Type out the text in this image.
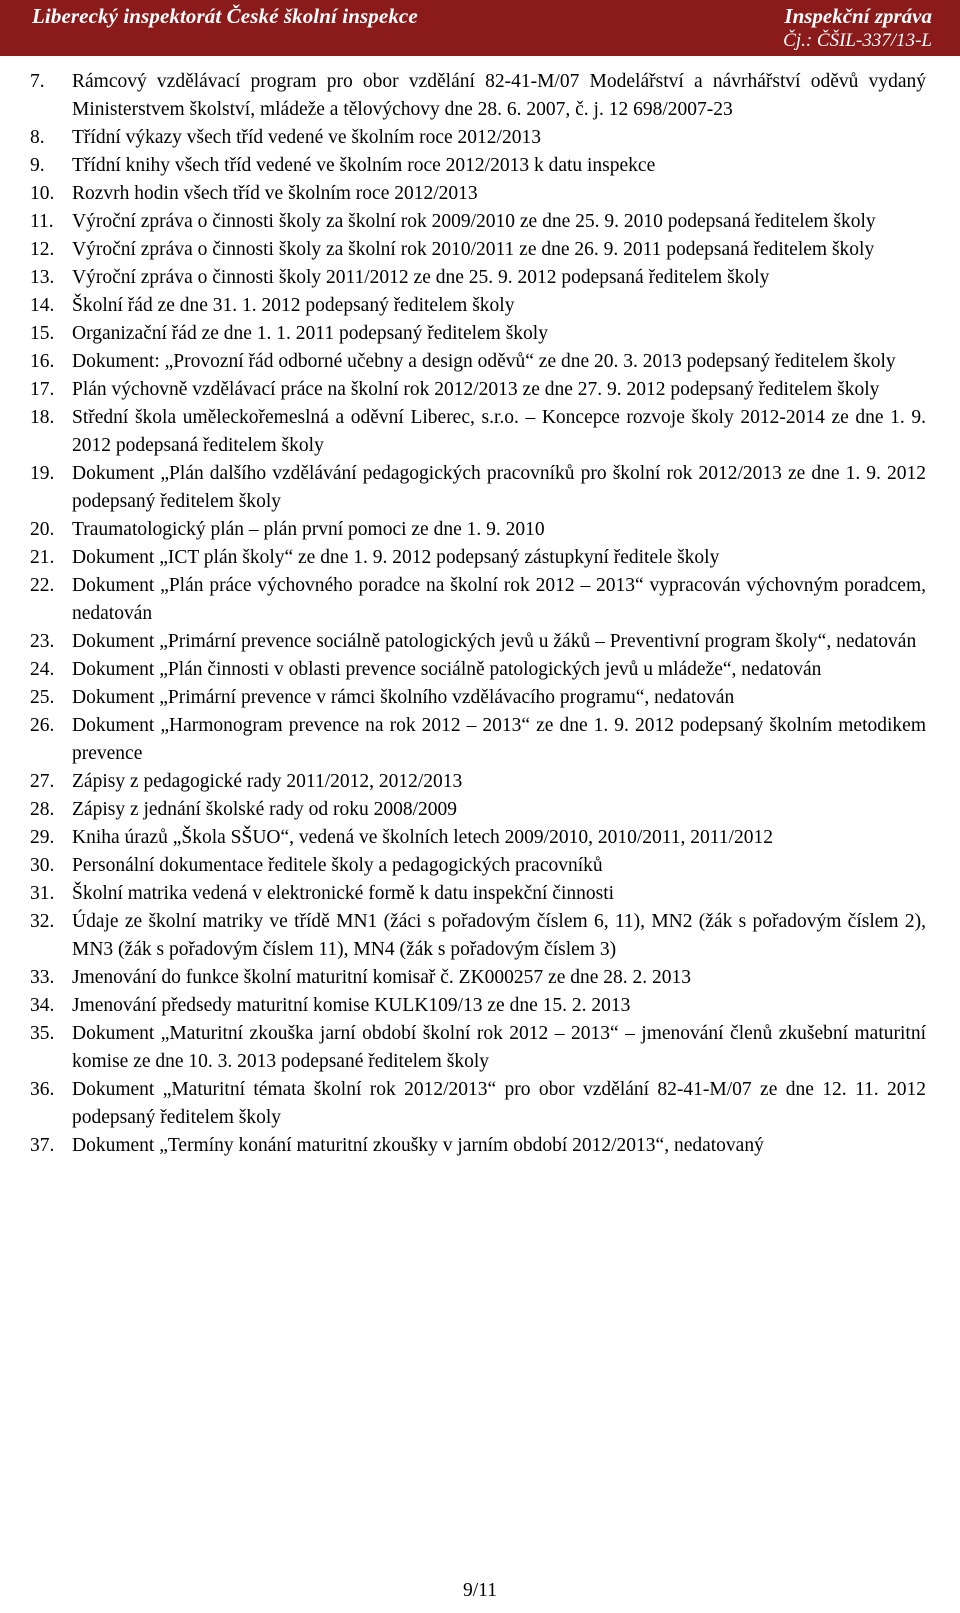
Liberecký inspektorát České školní inspekce	Inspekční zpráva
Čj.: ČŠIL-337/13-L
7. Rámcový vzdělávací program pro obor vzdělání 82-41-M/07 Modelářství a návrhářství oděvů vydaný Ministerstvem školství, mládeže a tělovýchovy dne 28. 6. 2007, č. j. 12 698/2007-23
8. Třídní výkazy všech tříd vedené ve školním roce 2012/2013
9. Třídní knihy všech tříd vedené ve školním roce 2012/2013 k datu inspekce
10. Rozvrh hodin všech tříd ve školním roce 2012/2013
11. Výroční zpráva o činnosti školy za školní rok 2009/2010 ze dne 25. 9. 2010 podepsaná ředitelem školy
12. Výroční zpráva o činnosti školy za školní rok 2010/2011 ze dne 26. 9. 2011 podepsaná ředitelem školy
13. Výroční zpráva o činnosti školy 2011/2012 ze dne 25. 9. 2012 podepsaná ředitelem školy
14. Školní řád ze dne 31. 1. 2012 podepsaný ředitelem školy
15. Organizační řád ze dne 1. 1. 2011 podepsaný ředitelem školy
16. Dokument: „Provozní řád odborné učebny a design oděvů“ ze dne 20. 3. 2013 podepsaný ředitelem školy
17. Plán výchovně vzdělávací práce na školní rok 2012/2013 ze dne 27. 9. 2012 podepsaný ředitelem školy
18. Střední škola uměleckořemeslná a oděvní Liberec, s.r.o. – Koncepce rozvoje školy 2012-2014 ze dne 1. 9. 2012 podepsaná ředitelem školy
19. Dokument „Plán dalšího vzdělávání pedagogických pracovníků pro školní rok 2012/2013 ze dne 1. 9. 2012 podepsaný ředitelem školy
20. Traumatologický plán – plán první pomoci ze dne 1. 9. 2010
21. Dokument „ICT plán školy“ ze dne 1. 9. 2012 podepsaný zástupkyní ředitele školy
22. Dokument „Plán práce výchovného poradce na školní rok 2012 – 2013“ vypracován výchovným poradcem, nedatován
23. Dokument „Primární prevence sociálně patologických jevů u žáků – Preventivní program školy“, nedatován
24. Dokument „Plán činnosti v oblasti prevence sociálně patologických jevů u mládeže“, nedatován
25. Dokument „Primární prevence v rámci školního vzdělávacího programu“, nedatován
26. Dokument „Harmonogram prevence na rok 2012 – 2013“ ze dne 1. 9. 2012 podepsaný školním metodikem prevence
27. Zápisy z pedagogické rady 2011/2012, 2012/2013
28. Zápisy z jednání školské rady od roku 2008/2009
29. Kniha úrazů „Škola SŠUO“, vedená ve školních letech 2009/2010, 2010/2011, 2011/2012
30. Personální dokumentace ředitele školy a pedagogických pracovníků
31. Školní matrika vedená v elektronické formě k datu inspekční činnosti
32. Údaje ze školní matriky ve třídě MN1 (žáci s pořadovým číslem 6, 11), MN2 (žák s pořadovým číslem 2), MN3 (žák s pořadovým číslem 11), MN4 (žák s pořadovým číslem 3)
33. Jmenování do funkce školní maturitní komisař č. ZK000257 ze dne 28. 2. 2013
34. Jmenování předsedy maturitní komise KULK109/13 ze dne 15. 2. 2013
35. Dokument „Maturitní zkouška jarní období školní rok 2012 – 2013“ – jmenování členů zkušební maturitní komise ze dne 10. 3. 2013 podepsané ředitelem školy
36. Dokument „Maturitní témata školní rok 2012/2013“ pro obor vzdělání 82-41-M/07 ze dne 12. 11. 2012 podepsaný ředitelem školy
37. Dokument „Termíny konání maturitní zkoušky v jarním období 2012/2013“, nedatovaný
9/11
